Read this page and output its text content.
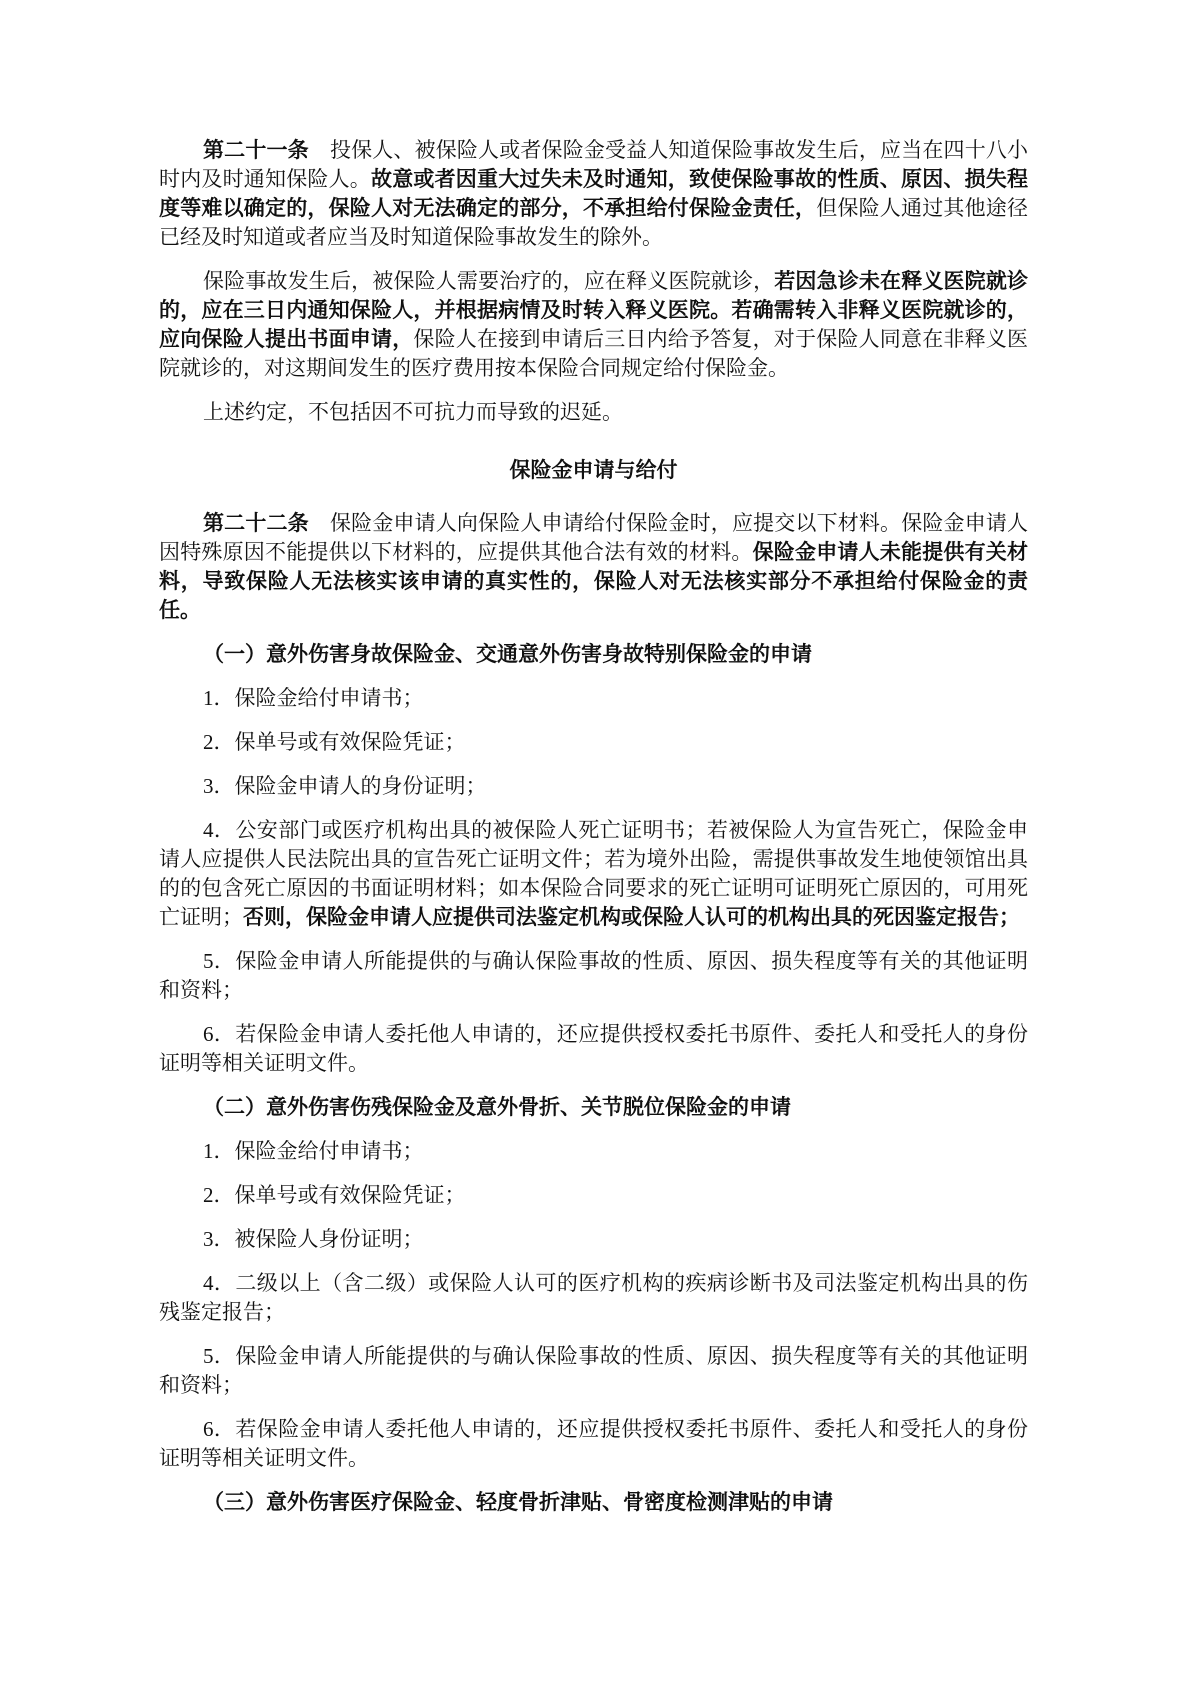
第二十一条　投保人、被保险人或者保险金受益人知道保险事故发生后，应当在四十八小时内及时通知保险人。故意或者因重大过失未及时通知，致使保险事故的性质、原因、损失程度等难以确定的，保险人对无法确定的部分，不承担给付保险金责任，但保险人通过其他途径已经及时知道或者应当及时知道保险事故发生的除外。

保险事故发生后，被保险人需要治疗的，应在释义医院就诊，若因急诊未在释义医院就诊的，应在三日内通知保险人，并根据病情及时转入释义医院。若确需转入非释义医院就诊的，应向保险人提出书面申请，保险人在接到申请后三日内给予答复，对于保险人同意在非释义医院就诊的，对这期间发生的医疗费用按本保险合同规定给付保险金。

上述约定，不包括因不可抗力而导致的迟延。

保险金申请与给付

第二十二条　保险金申请人向保险人申请给付保险金时，应提交以下材料。保险金申请人因特殊原因不能提供以下材料的，应提供其他合法有效的材料。保险金申请人未能提供有关材料，导致保险人无法核实该申请的真实性的，保险人对无法核实部分不承担给付保险金的责任。

（一）意外伤害身故保险金、交通意外伤害身故特别保险金的申请

1．保险金给付申请书；

2．保单号或有效保险凭证；

3．保险金申请人的身份证明；

4．公安部门或医疗机构出具的被保险人死亡证明书；若被保险人为宣告死亡，保险金申请人应提供人民法院出具的宣告死亡证明文件；若为境外出险，需提供事故发生地使领馆出具的的包含死亡原因的书面证明材料；如本保险合同要求的死亡证明可证明死亡原因的，可用死亡证明；否则，保险金申请人应提供司法鉴定机构或保险人认可的机构出具的死因鉴定报告；

5．保险金申请人所能提供的与确认保险事故的性质、原因、损失程度等有关的其他证明和资料；

6．若保险金申请人委托他人申请的，还应提供授权委托书原件、委托人和受托人的身份证明等相关证明文件。

（二）意外伤害伤残保险金及意外骨折、关节脱位保险金的申请

1．保险金给付申请书；

2．保单号或有效保险凭证；

3．被保险人身份证明；

4．二级以上（含二级）或保险人认可的医疗机构的疾病诊断书及司法鉴定机构出具的伤残鉴定报告；

5．保险金申请人所能提供的与确认保险事故的性质、原因、损失程度等有关的其他证明和资料；

6．若保险金申请人委托他人申请的，还应提供授权委托书原件、委托人和受托人的身份证明等相关证明文件。

（三）意外伤害医疗保险金、轻度骨折津贴、骨密度检测津贴的申请
